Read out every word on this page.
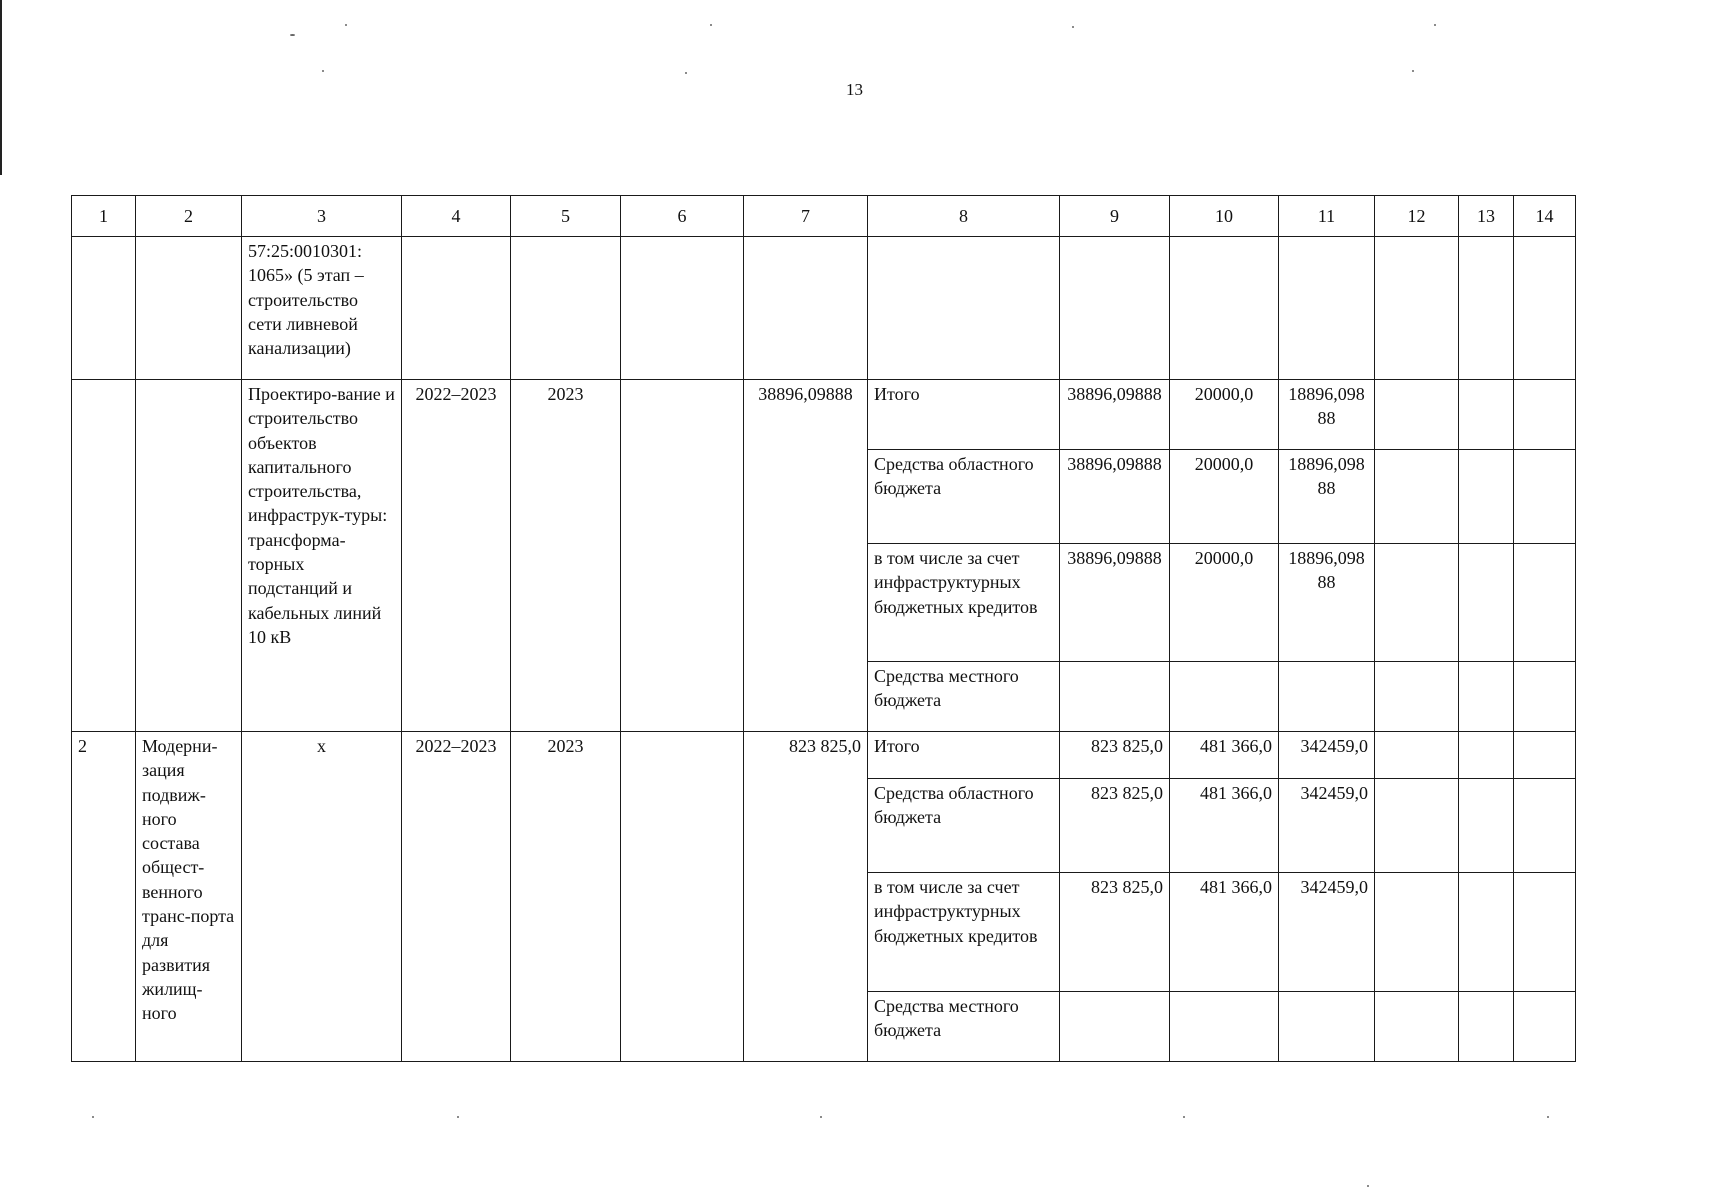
13
1	2	3	4	5	6	7	8	9	10	11	12	13	14
		57:25:0010301: 1065» (5 этап – строительство сети ливневой канализации)											
		Проектиро-вание и строительство объектов капитального строительства, инфраструк-туры: трансформа-торных подстанций и кабельных линий 10 кВ	2022–2023	2023		38896,09888	Итого	38896,09888	20000,0	18896,09888			
							Средства областного бюджета	38896,09888	20000,0	18896,09888			
							в том числе за счет инфраструктурных бюджетных кредитов	38896,09888	20000,0	18896,09888			
							Средства местного бюджета						
2	Модерни-зация подвиж-ного состава общест-венного транс-порта для развития жилищ-ного	х	2022–2023	2023		823 825,0	Итого	823 825,0	481 366,0	342459,0			
							Средства областного бюджета	823 825,0	481 366,0	342459,0			
							в том числе за счет инфраструктурных бюджетных кредитов	823 825,0	481 366,0	342459,0			
							Средства местного бюджета						
